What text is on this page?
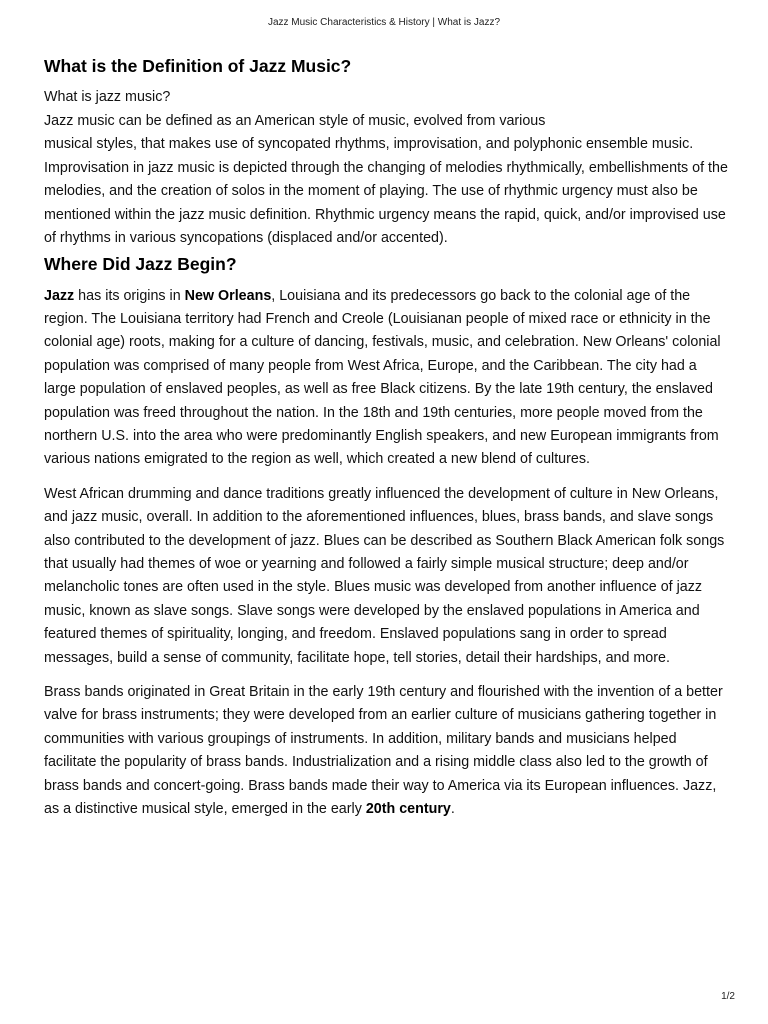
Jazz Music Characteristics & History | What is Jazz?
What is the Definition of Jazz Music?
What is jazz music?
Jazz music can be defined as an American style of music, evolved from various
musical styles, that makes use of syncopated rhythms, improvisation, and polyphonic ensemble music. Improvisation in jazz music is depicted through the changing of melodies rhythmically, embellishments of the melodies, and the creation of solos in the moment of playing. The use of rhythmic urgency must also be mentioned within the jazz music definition. Rhythmic urgency means the rapid, quick, and/or improvised use of rhythms in various syncopations (displaced and/or accented).
Where Did Jazz Begin?

Jazz has its origins in New Orleans, Louisiana and its predecessors go back to the colonial age of the region. The Louisiana territory had French and Creole (Louisianan people of mixed race or ethnicity in the colonial age) roots, making for a culture of dancing, festivals, music, and celebration. New Orleans' colonial population was comprised of many people from West Africa, Europe, and the Caribbean. The city had a large population of enslaved peoples, as well as free Black citizens. By the late 19th century, the enslaved population was freed throughout the nation. In the 18th and 19th centuries, more people moved from the northern U.S. into the area who were predominantly English speakers, and new European immigrants from various nations emigrated to the region as well, which created a new blend of cultures.

West African drumming and dance traditions greatly influenced the development of culture in New Orleans, and jazz music, overall. In addition to the aforementioned influences, blues, brass bands, and slave songs also contributed to the development of jazz. Blues can be described as Southern Black American folk songs that usually had themes of woe or yearning and followed a fairly simple musical structure; deep and/or melancholic tones are often used in the style. Blues music was developed from another influence of jazz music, known as slave songs. Slave songs were developed by the enslaved populations in America and featured themes of spirituality, longing, and freedom. Enslaved populations sang in order to spread messages, build a sense of community, facilitate hope, tell stories, detail their hardships, and more.

Brass bands originated in Great Britain in the early 19th century and flourished with the invention of a better valve for brass instruments; they were developed from an earlier culture of musicians gathering together in communities with various groupings of instruments. In addition, military bands and musicians helped facilitate the popularity of brass bands. Industrialization and a rising middle class also led to the growth of brass bands and concert-going. Brass bands made their way to America via its European influences. Jazz, as a distinctive musical style, emerged in the early 20th century.

1/2
